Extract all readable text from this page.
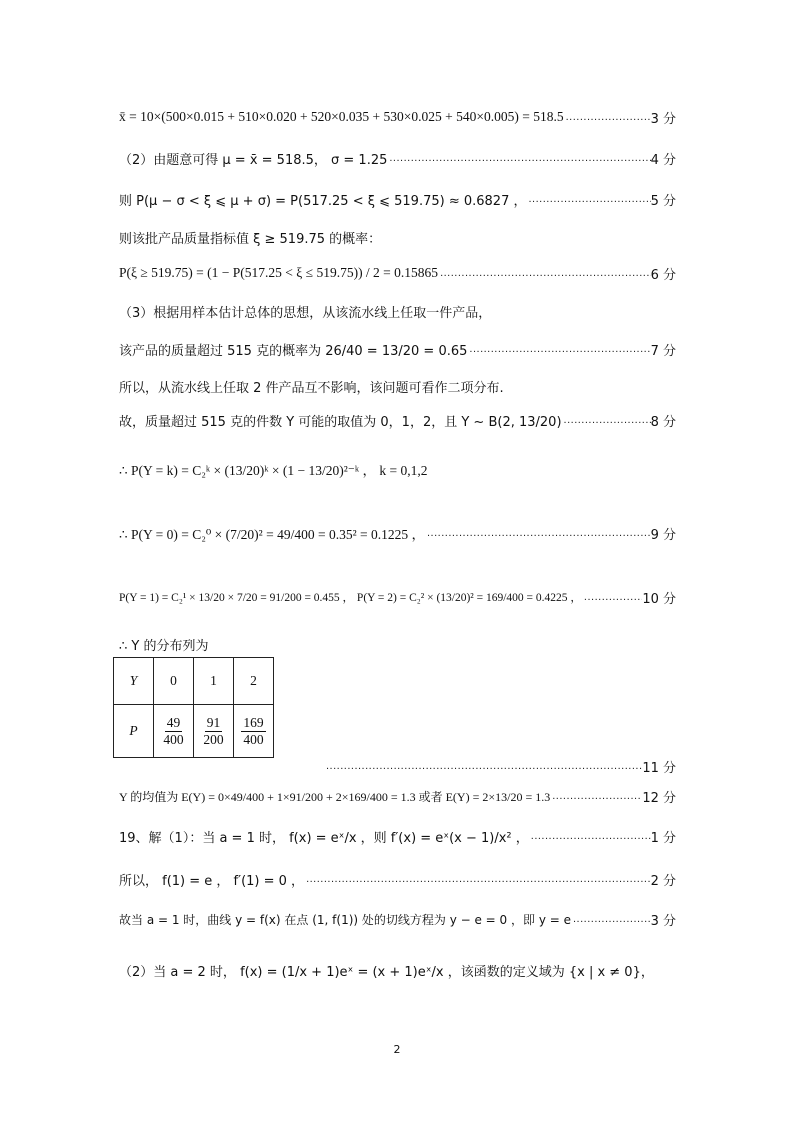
x̄ = 10×(500×0.015 + 510×0.020 + 520×0.035 + 530×0.025 + 540×0.005) = 518.5 .....	3 分
（2）由题意可得 μ = x̄ = 518.5， σ = 1.25 .....	4 分
则 P(μ − σ < ξ ⩽ μ + σ) = P(517.25 < ξ ⩽ 519.75) ≈ 0.6827 ， .....	5 分
则该批产品质量指标值 ξ ≥ 519.75 的概率：
P(ξ ≥ 519.75) = (1 − P(517.25 < ξ ≤ 519.75)) / 2 = 0.15865 .....	6 分
（3）根据用样本估计总体的思想，从该流水线上任取一件产品，
该产品的质量超过 515 克的概率为 26/40 = 13/20 = 0.65 .....	7 分
所以，从流水线上任取 2 件产品互不影响，该问题可看作二项分布.
故，质量超过 515 克的件数 Y 可能的取值为 0，1，2，且 Y ~ B(2, 13/20) .....	8 分
∴ P(Y = k) = C₂ᵏ × (13/20)ᵏ × (1 − 13/20)²⁻ᵏ ， k = 0,1,2
∴ P(Y = 0) = C₂⁰ × (7/20)² = 49/400 = 0.35² = 0.1225 ， .....	9 分
P(Y = 1) = C₂¹ × 13/20 × 7/20 = 91/200 = 0.455 ， P(Y = 2) = C₂² × (13/20)² = 169/400 = 0.4225 ， .....	10 分
∴ Y 的分布列为
Y	0	1	2
P	$\frac{49}{400}$	$\frac{91}{200}$	$\frac{169}{400}$
.....
11 分
Y 的均值为 E(Y) = 0×49/400 + 1×91/200 + 2×169/400 = 1.3 或者 E(Y) = 2×13/20 = 1.3 .....	12 分
19、解（1）：当 a = 1 时， f(x) = eˣ/x ，则 f′(x) = eˣ(x − 1)/x² ， .....	1 分
所以， f(1) = e ， f′(1) = 0 ， .....	2 分
故当 a = 1 时，曲线 y = f(x) 在点 (1, f(1)) 处的切线方程为 y − e = 0 ，即 y = e .....	3 分
（2）当 a = 2 时， f(x) = (1/x + 1)eˣ = (x + 1)eˣ/x ，该函数的定义域为 {x | x ≠ 0}，
2
